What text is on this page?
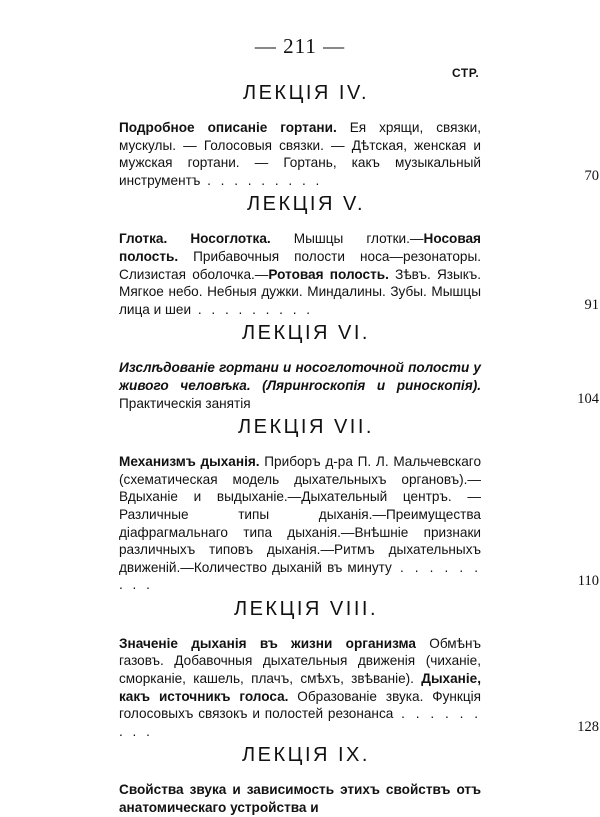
— 211 —
СТР.
ЛЕКЦІЯ IV.
Подробное описаніе гортани. Ея хрящи, связки, мускулы. — Голосовыя связки. — Дѣтская, женская и мужская гортани. — Гортань, какъ музыкальный инструментъ . . . . . . . . .	70
ЛЕКЦІЯ V.
Глотка. Носоглотка. Мышцы глотки.—Носовая полость. Прибавочныя полости носа—резонаторы. Слизистая оболочка.—Ротовая полость. Зѣвъ. Языкъ. Мягкое небо. Небныя дужки. Миндалины. Зубы. Мышцы лица и шеи . . . . . . . . .	91
ЛЕКЦІЯ VI.
Изслѣдованіе гортани и носоглоточной полости у живого человѣка. (Ляринrоскопія и риноскопія). Практическія занятія	104
ЛЕКЦІЯ VII.
Механизмъ дыханія. Приборъ д-ра П. Л. Мальчевскаго (схематическая модель дыхательныхъ органовъ).—Вдыханіе и выдыханіе.—Дыхательный центръ. — Различные типы дыханія.—Преимущества діафрагмальнаго типа дыханія.—Внѣшніе признаки различныхъ типовъ дыханія.—Ритмъ дыхательныхъ движеній.—Количество дыханій въ минуту . . . . . . . . .	110
ЛЕКЦІЯ VIII.
Значеніе дыханія въ жизни организма Обмѣнъ газовъ. Добавочныя дыхательныя движенія (чиханіе, сморканіе, кашель, плачъ, смѣхъ, звѣваніе). Дыханіе, какъ источникъ голоса. Образованіе звука. Функція голосовыхъ связокъ и полостей резонанса . . . . . . . . .	128
ЛЕКЦІЯ IX.
Свойства звука и зависимость этихъ свойствъ отъ анатомическаго устройства и
